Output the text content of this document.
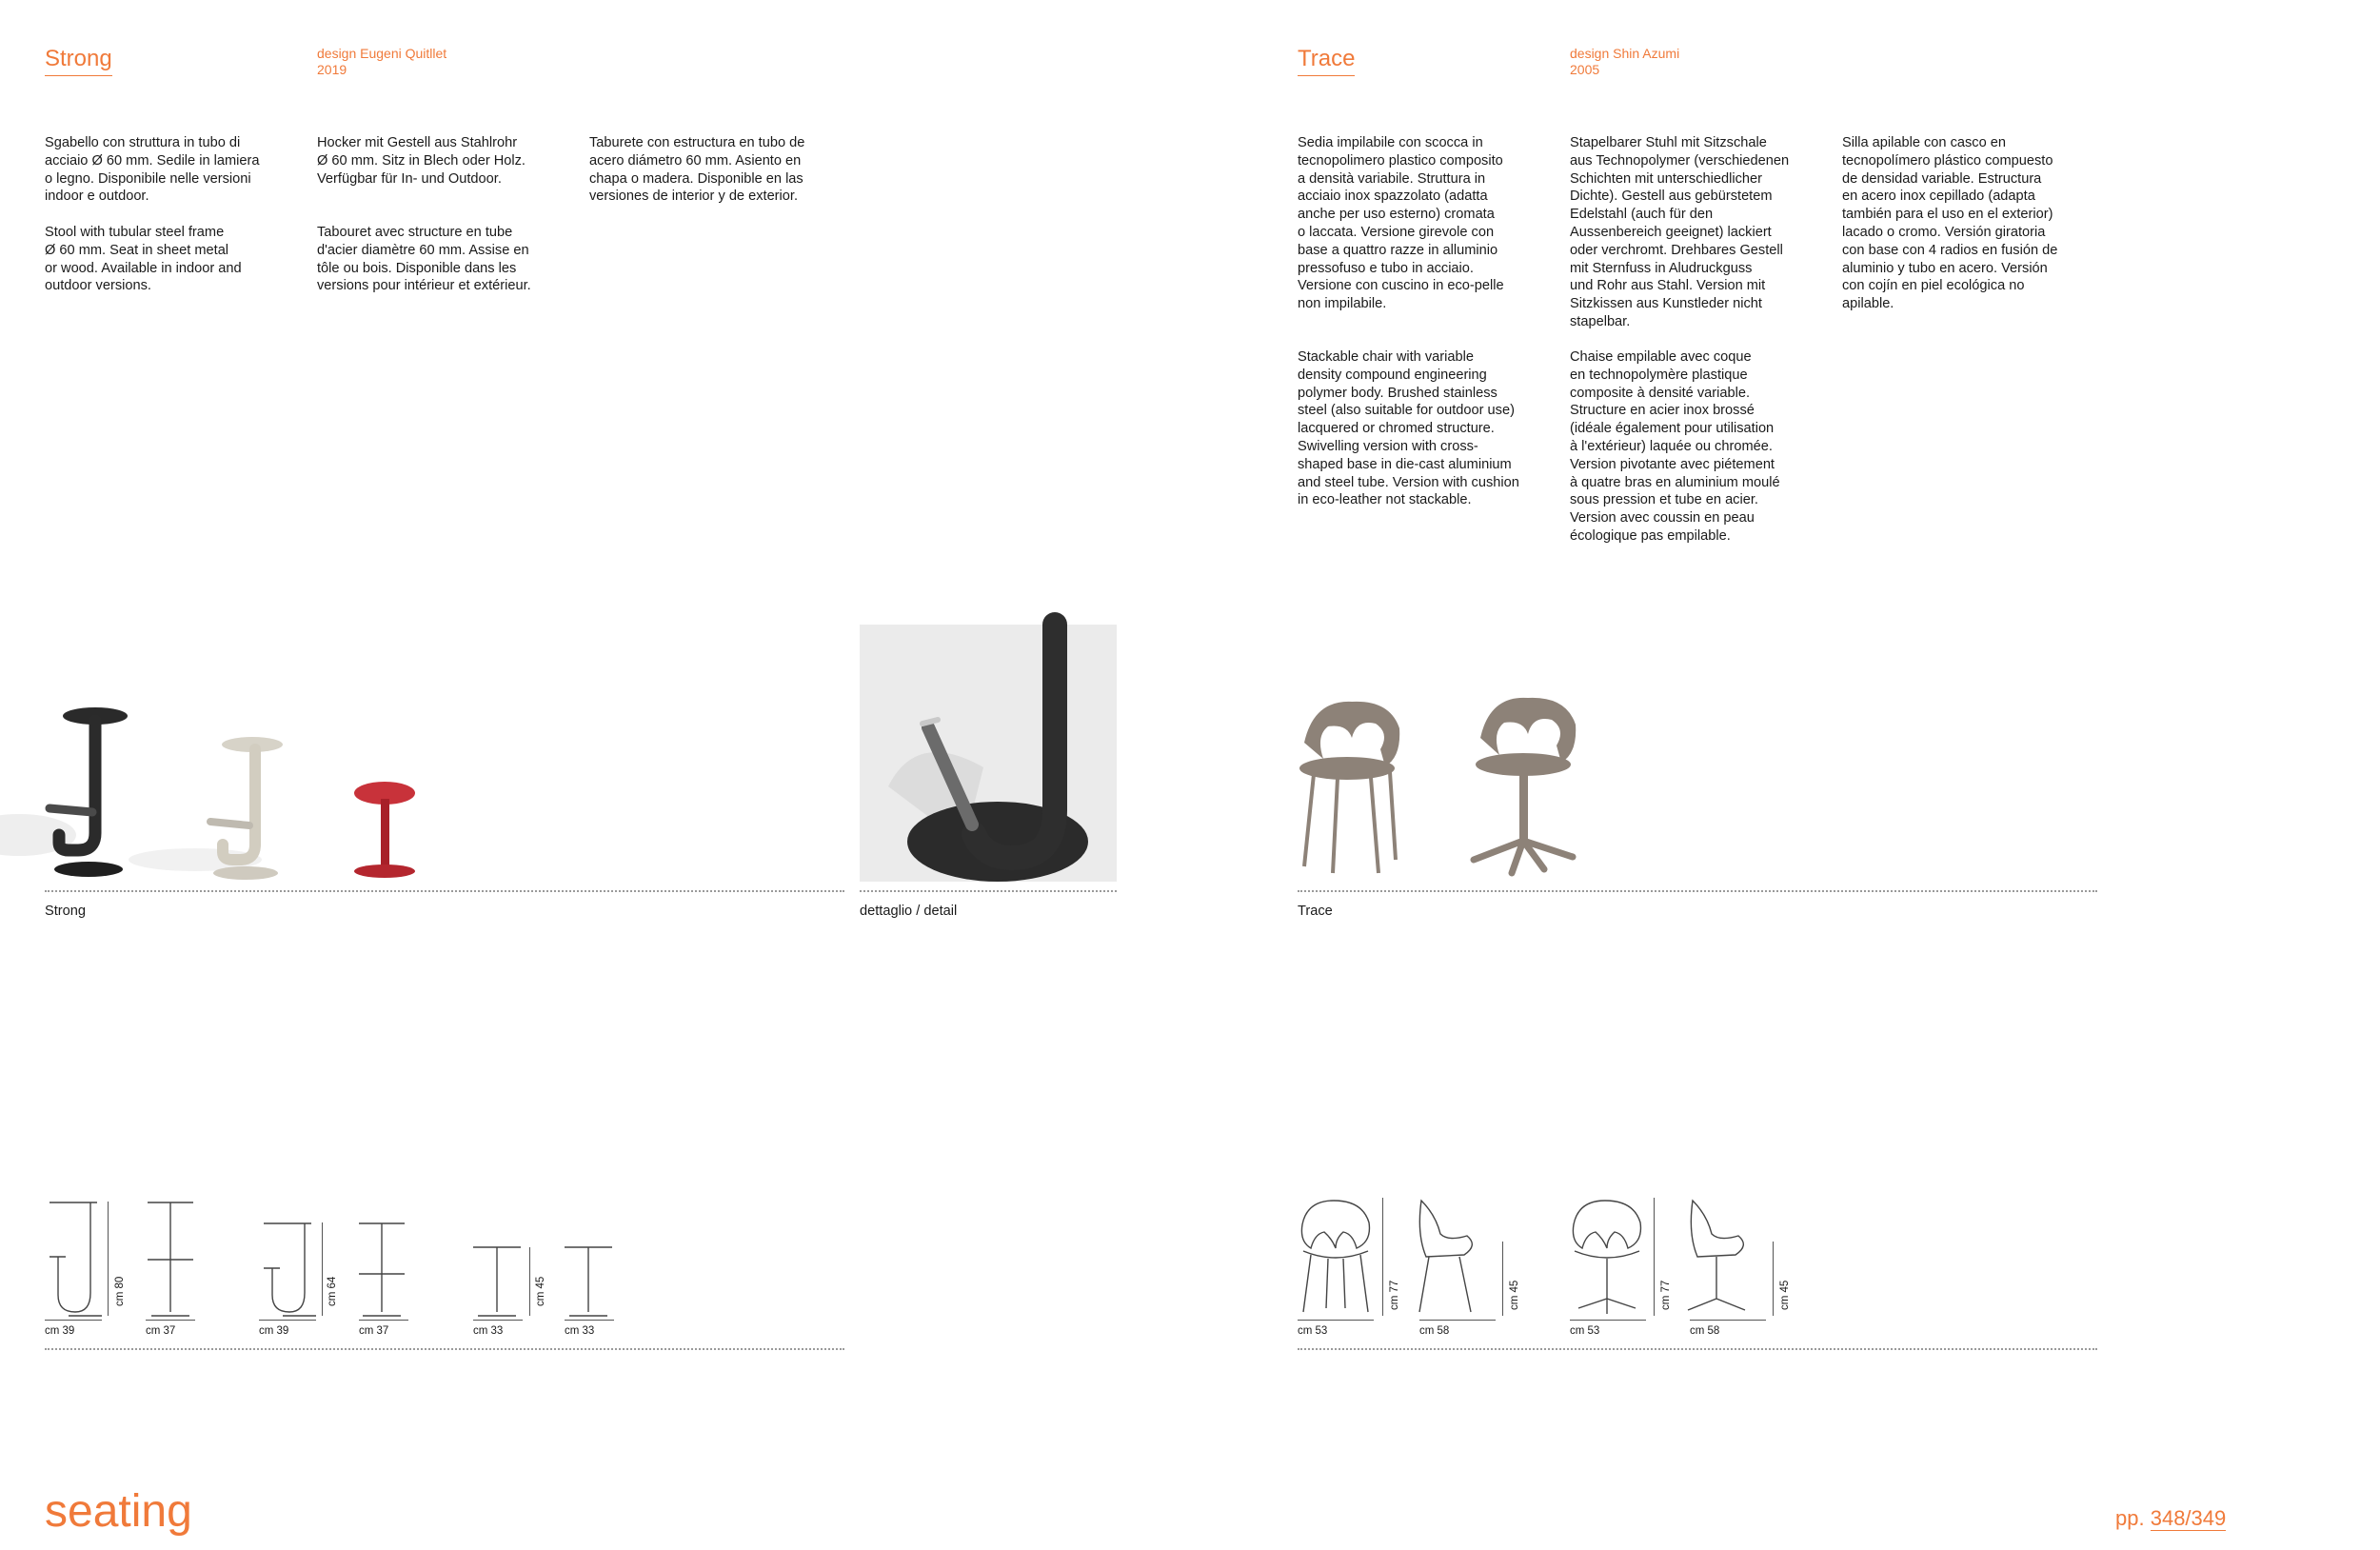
Strong	design Eugeni Quitllet
2019
Sgabello con struttura in tubo di
acciaio Ø 60 mm. Sedile in lamiera
o legno. Disponibile nelle versioni
indoor e outdoor.
Stool with tubular steel frame
Ø 60 mm. Seat in sheet metal
or wood. Available in indoor and
outdoor versions.
Hocker mit Gestell aus Stahlrohr
Ø 60 mm. Sitz in Blech oder Holz.
Verfügbar für In- und Outdoor.
Tabouret avec structure en tube
d'acier diamètre 60 mm. Assise en
tôle ou bois. Disponible dans les
versions pour intérieur et extérieur.
Taburete con estructura en tubo de
acero diámetro 60 mm. Asiento en
chapa o madera. Disponible en las
versiones de interior y de exterior.
Strong	dettaglio / detail
cm 39	cm 37
cm 80
cm 39	cm 37
cm 64
cm 33	cm 33
cm 45
Trace	design Shin Azumi
2005
Sedia impilabile con scocca in
tecnopolimero plastico composito
a densità variabile. Struttura in
acciaio inox spazzolato (adatta
anche per uso esterno) cromata
o laccata. Versione girevole con
base a quattro razze in alluminio
pressofuso e tubo in acciaio.
Versione con cuscino in eco-pelle
non impilabile.
Stackable chair with variable
density compound engineering
polymer body. Brushed stainless
steel (also suitable for outdoor use)
lacquered or chromed structure.
Swivelling version with cross-
shaped base in die-cast aluminium
and steel tube. Version with cushion
in eco-leather not stackable.
Stapelbarer Stuhl mit Sitzschale
aus Technopolymer (verschiedenen
Schichten mit unterschiedlicher
Dichte). Gestell aus gebürstetem
Edelstahl (auch für den
Aussenbereich geeignet) lackiert
oder verchromt. Drehbares Gestell
mit Sternfuss in Aludruckguss
und Rohr aus Stahl. Version mit
Sitzkissen aus Kunstleder nicht
stapelbar.
Chaise empilable avec coque
en technopolymère plastique
composite à densité variable.
Structure en acier inox brossé
(idéale également pour utilisation
à l'extérieur) laquée ou chromée.
Version pivotante avec piétement
à quatre bras en aluminium moulé
sous pression et tube en acier.
Version avec coussin en peau
écologique pas empilable.
Silla apilable con casco en
tecnopolímero plástico compuesto
de densidad variable. Estructura
en acero inox cepillado (adapta
también para el uso en el exterior)
lacado o cromo. Versión giratoria
con base con 4 radios en fusión de
aluminio y tubo en acero. Versión
con cojín en piel ecológica no
apilable.
Trace
cm 53	cm 58
cm 77	cm 45
cm 53	cm 58
cm 77	cm 45
seating	pp. 348/349
